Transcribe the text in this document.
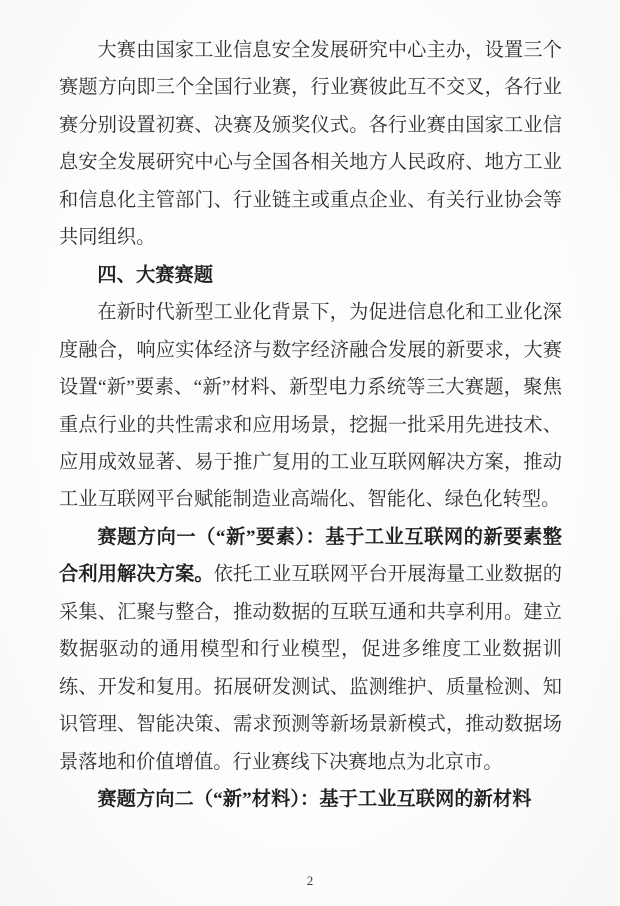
大赛由国家工业信息安全发展研究中心主办，设置三个赛题方向即三个全国行业赛，行业赛彼此互不交叉，各行业赛分别设置初赛、决赛及颁奖仪式。各行业赛由国家工业信息安全发展研究中心与全国各相关地方人民政府、地方工业和信息化主管部门、行业链主或重点企业、有关行业协会等共同组织。

四、大赛赛题

在新时代新型工业化背景下，为促进信息化和工业化深度融合，响应实体经济与数字经济融合发展的新要求，大赛设置“新”要素、“新”材料、新型电力系统等三大赛题，聚焦重点行业的共性需求和应用场景，挖掘一批采用先进技术、应用成效显著、易于推广复用的工业互联网解决方案，推动工业互联网平台赋能制造业高端化、智能化、绿色化转型。

赛题方向一（“新”要素）：基于工业互联网的新要素整合利用解决方案。依托工业互联网平台开展海量工业数据的采集、汇聚与整合，推动数据的互联互通和共享利用。建立数据驱动的通用模型和行业模型，促进多维度工业数据训练、开发和复用。拓展研发测试、监测维护、质量检测、知识管理、智能决策、需求预测等新场景新模式，推动数据场景落地和价值增值。行业赛线下决赛地点为北京市。

赛题方向二（“新”材料）：基于工业互联网的新材料

2
